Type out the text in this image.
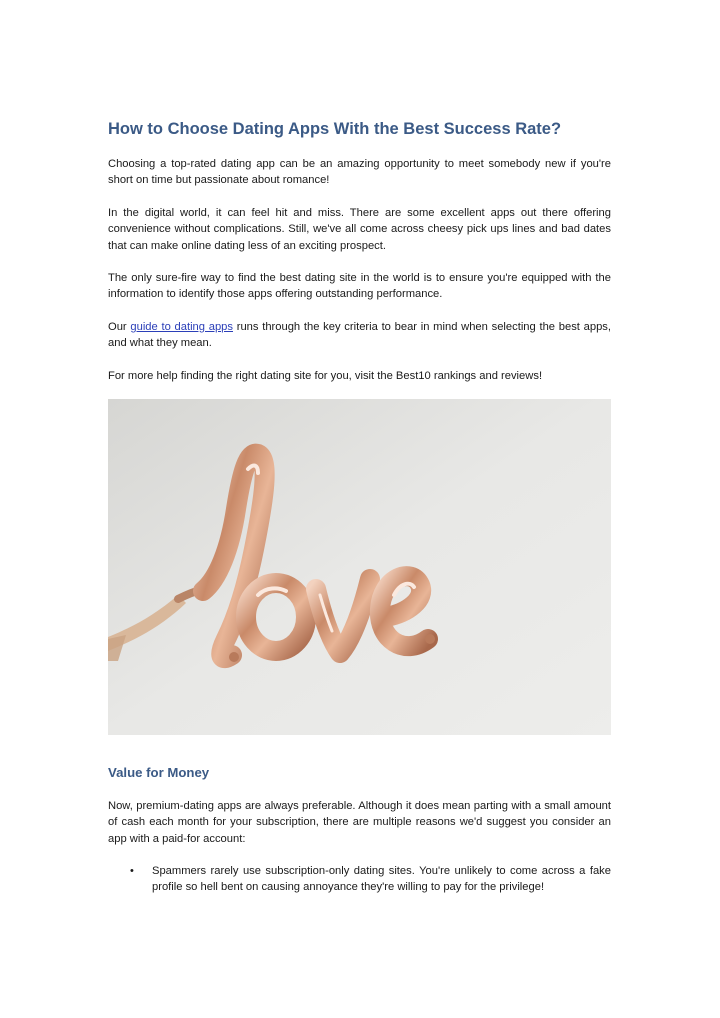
How to Choose Dating Apps With the Best Success Rate?

Choosing a top-rated dating app can be an amazing opportunity to meet somebody new if you're short on time but passionate about romance!

In the digital world, it can feel hit and miss. There are some excellent apps out there offering convenience without complications. Still, we've all come across cheesy pick ups lines and bad dates that can make online dating less of an exciting prospect.

The only sure-fire way to find the best dating site in the world is to ensure you're equipped with the information to identify those apps offering outstanding performance.

Our guide to dating apps runs through the key criteria to bear in mind when selecting the best apps, and what they mean.

For more help finding the right dating site for you, visit the Best10 rankings and reviews!

Value for Money

Now, premium-dating apps are always preferable. Although it does mean parting with a small amount of cash each month for your subscription, there are multiple reasons we'd suggest you consider an app with a paid-for account:

• Spammers rarely use subscription-only dating sites. You're unlikely to come across a fake profile so hell bent on causing annoyance they're willing to pay for the privilege!
